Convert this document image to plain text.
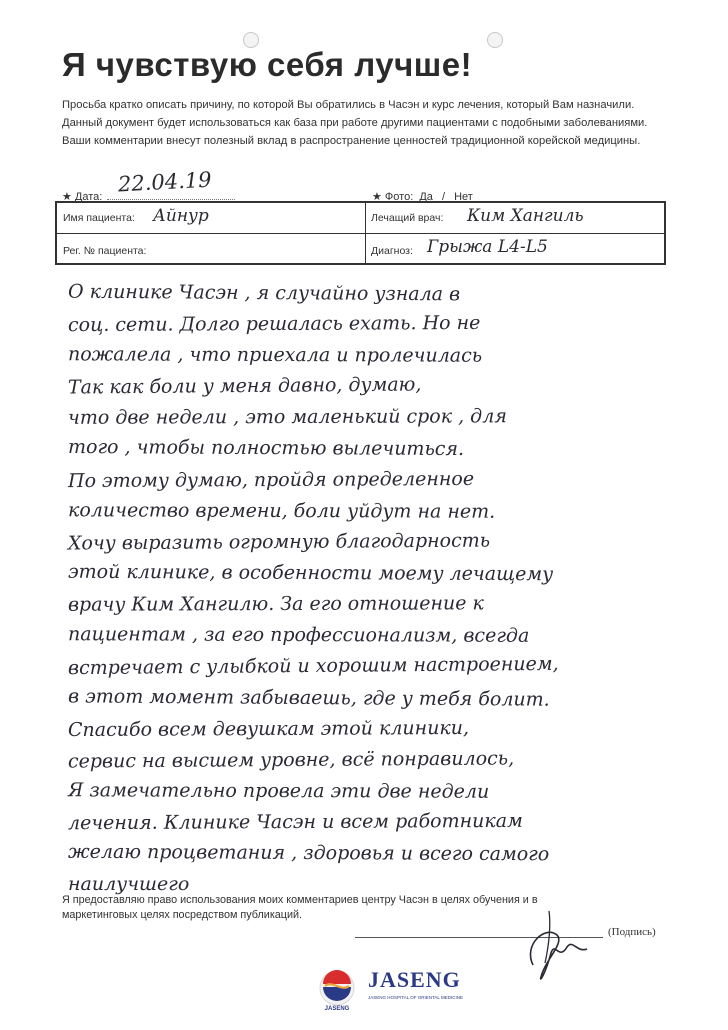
Я чувствую себя лучше!
Просьба кратко описать причину, по которой Вы обратились в Часэн и курс лечения, который Вам назначили.
Данный документ будет использоваться как база при работе другими пациентами с подобными заболеваниями.
Ваши комментарии внесут полезный вклад в распространение ценностей традиционной корейской медицины.
★ Дата:
22.04.19
★ Фото: Да / Нет
Имя пациента: Айнур
Рег. № пациента:
Лечащий врач: Ким Хангиль
Диагноз: Грыжа L4-L5
О клинике Часэн , я случайно узнала в
соц. сети. Долго решалась ехать. Но не
пожалела , что приехала и пролечилась
Так как боли у меня давно, думаю,
что две недели , это маленький срок , для
того , чтобы полностью вылечиться.
По этому думаю, пройдя определенное
количество времени, боли уйдут на нет.
Хочу выразить огромную благодарность
этой клинике, в особенности моему лечащему
врачу Ким Хангилю. За его отношение к
пациентам , за его профессионализм, всегда
встречает с улыбкой и хорошим настроением,
в этот момент забываешь, где у тебя болит.
Спасибо всем девушкам этой клиники,
сервис на высшем уровне, всё понравилось,
Я замечательно провела эти две недели
лечения. Клинике Часэн и всем работникам
желаю процветания , здоровья и всего самого
наилучшего
Я предоставляю право использования моих комментариев центру Часэн в целях обучения и в
маркетинговых целях посредством публикаций.
(Подпись)
JASENG
JASENG
JASENG HOSPITAL OF ORIENTAL MEDICINE
